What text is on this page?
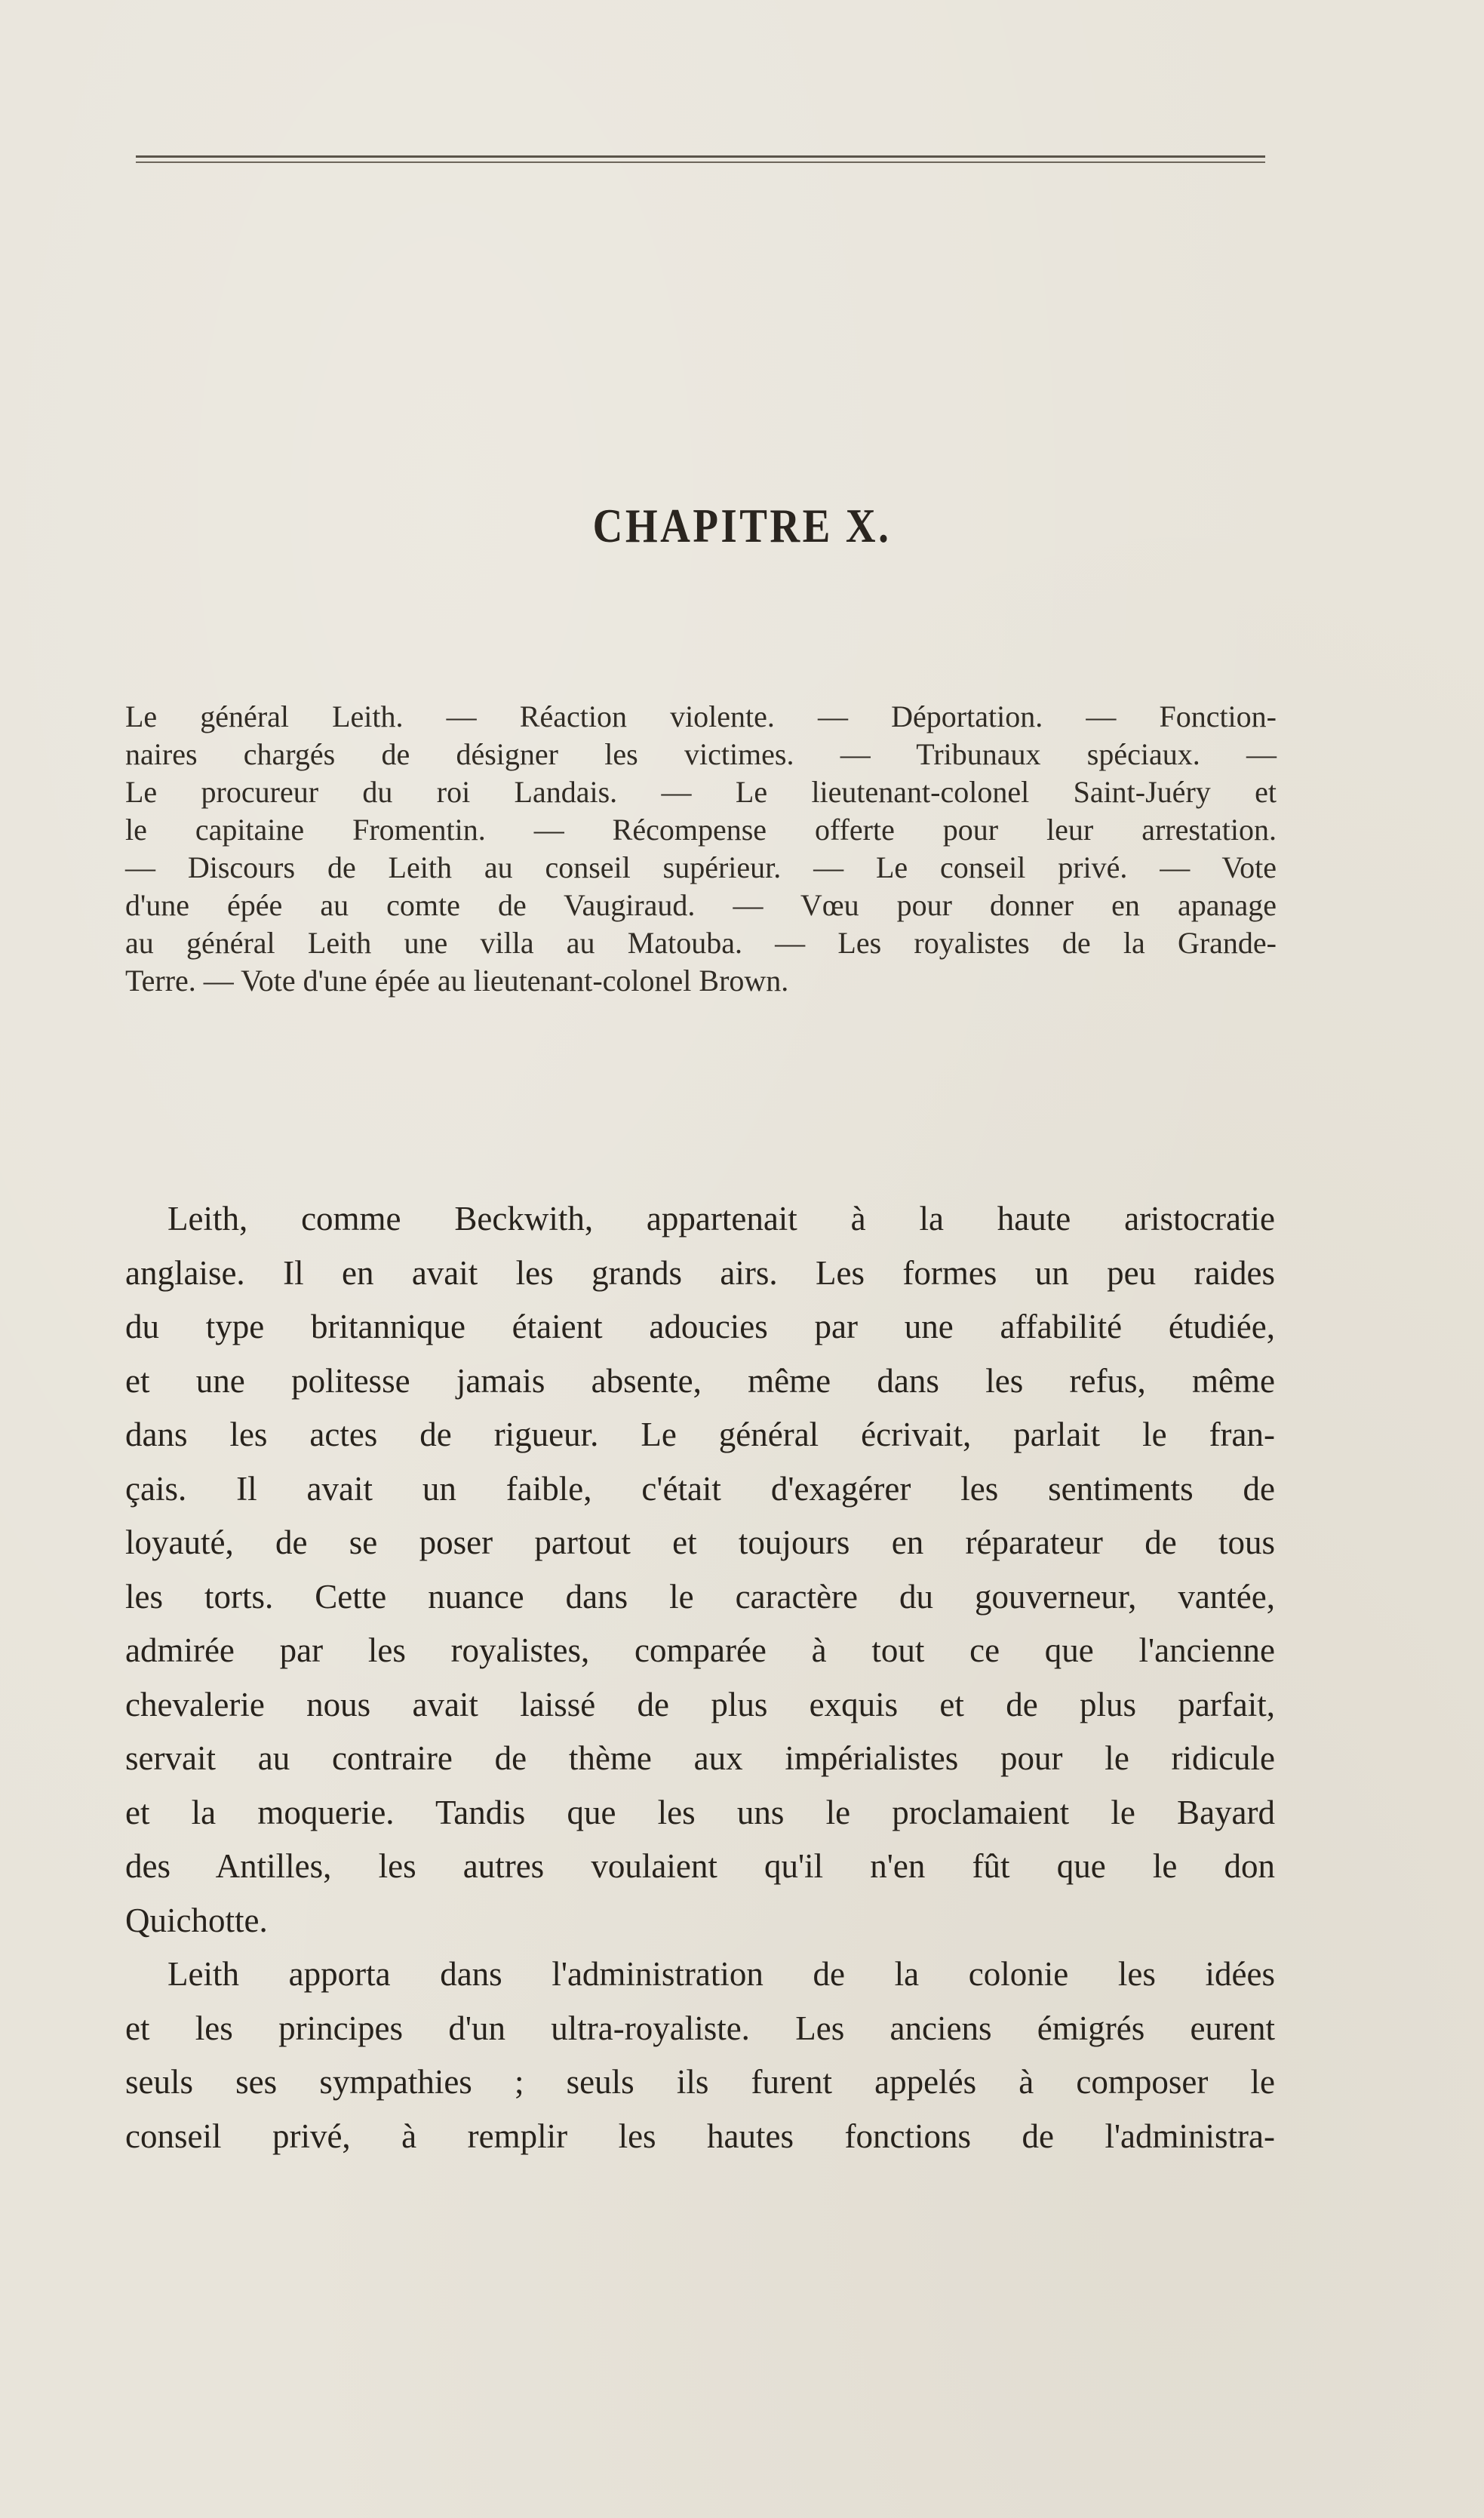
CHAPITRE X.
Le général Leith. — Réaction violente. — Déportation. — Fonction-
naires chargés de désigner les victimes. — Tribunaux spéciaux. —
Le procureur du roi Landais. — Le lieutenant-colonel Saint-Juéry et
le capitaine Fromentin. — Récompense offerte pour leur arrestation.
— Discours de Leith au conseil supérieur. — Le conseil privé. — Vote
d'une épée au comte de Vaugiraud. — Vœu pour donner en apanage
au général Leith une villa au Matouba. — Les royalistes de la Grande-
Terre. — Vote d'une épée au lieutenant-colonel Brown.
Leith, comme Beckwith, appartenait à la haute aristocratie
anglaise. Il en avait les grands airs. Les formes un peu raides
du type britannique étaient adoucies par une affabilité étudiée,
et une politesse jamais absente, même dans les refus, même
dans les actes de rigueur. Le général écrivait, parlait le fran-
çais. Il avait un faible, c'était d'exagérer les sentiments de
loyauté, de se poser partout et toujours en réparateur de tous
les torts. Cette nuance dans le caractère du gouverneur, vantée,
admirée par les royalistes, comparée à tout ce que l'ancienne
chevalerie nous avait laissé de plus exquis et de plus parfait,
servait au contraire de thème aux impérialistes pour le ridicule
et la moquerie. Tandis que les uns le proclamaient le Bayard
des Antilles, les autres voulaient qu'il n'en fût que le don
Quichotte.
Leith apporta dans l'administration de la colonie les idées
et les principes d'un ultra-royaliste. Les anciens émigrés eurent
seuls ses sympathies ; seuls ils furent appelés à composer le
conseil privé, à remplir les hautes fonctions de l'administra-
